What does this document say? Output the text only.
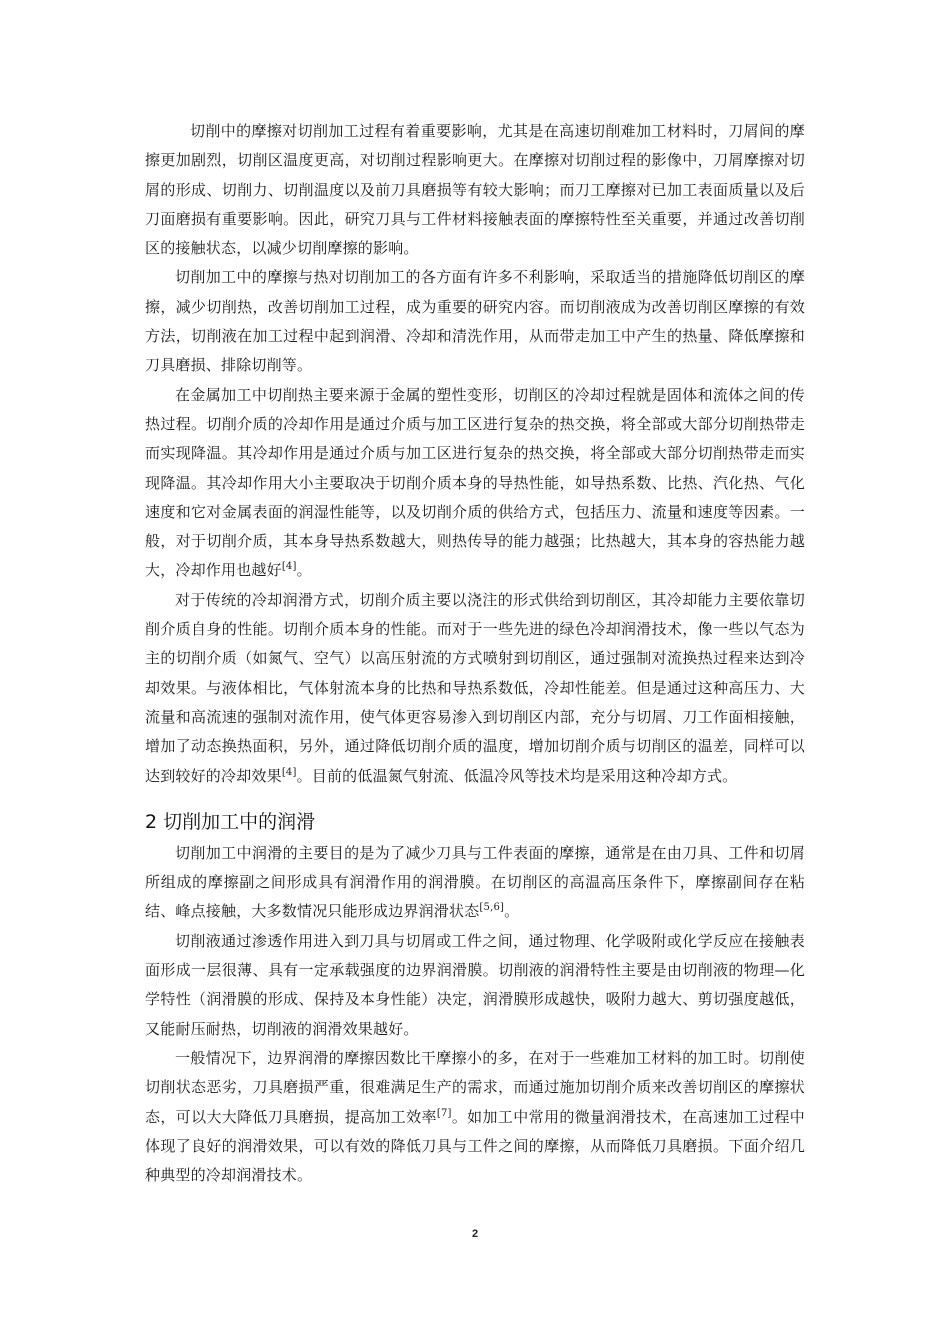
切削中的摩擦对切削加工过程有着重要影响，尤其是在高速切削难加工材料时，刀屑间的摩擦更加剧烈，切削区温度更高，对切削过程影响更大。在摩擦对切削过程的影像中，刀屑摩擦对切屑的形成、切削力、切削温度以及前刀具磨损等有较大影响；而刀工摩擦对已加工表面质量以及后刀面磨损有重要影响。因此，研究刀具与工件材料接触表面的摩擦特性至关重要，并通过改善切削区的接触状态，以减少切削摩擦的影响。

切削加工中的摩擦与热对切削加工的各方面有许多不利影响，采取适当的措施降低切削区的摩擦，减少切削热，改善切削加工过程，成为重要的研究内容。而切削液成为改善切削区摩擦的有效方法，切削液在加工过程中起到润滑、冷却和清洗作用，从而带走加工中产生的热量、降低摩擦和刀具磨损、排除切削等。

在金属加工中切削热主要来源于金属的塑性变形，切削区的冷却过程就是固体和流体之间的传热过程。切削介质的冷却作用是通过介质与加工区进行复杂的热交换，将全部或大部分切削热带走而实现降温。其冷却作用是通过介质与加工区进行复杂的热交换，将全部或大部分切削热带走而实现降温。其冷却作用大小主要取决于切削介质本身的导热性能，如导热系数、比热、汽化热、气化速度和它对金属表面的润湿性能等，以及切削介质的供给方式，包括压力、流量和速度等因素。一般，对于切削介质，其本身导热系数越大，则热传导的能力越强；比热越大，其本身的容热能力越大，冷却作用也越好[4]。

对于传统的冷却润滑方式，切削介质主要以浇注的形式供给到切削区，其冷却能力主要依靠切削介质自身的性能。切削介质本身的性能。而对于一些先进的绿色冷却润滑技术，像一些以气态为主的切削介质（如氮气、空气）以高压射流的方式喷射到切削区，通过强制对流换热过程来达到冷却效果。与液体相比，气体射流本身的比热和导热系数低，冷却性能差。但是通过这种高压力、大流量和高流速的强制对流作用，使气体更容易渗入到切削区内部，充分与切屑、刀工作面相接触，增加了动态换热面积，另外，通过降低切削介质的温度，增加切削介质与切削区的温差，同样可以达到较好的冷却效果[4]。目前的低温氮气射流、低温冷风等技术均是采用这种冷却方式。

2 切削加工中的润滑

切削加工中润滑的主要目的是为了减少刀具与工件表面的摩擦，通常是在由刀具、工件和切屑所组成的摩擦副之间形成具有润滑作用的润滑膜。在切削区的高温高压条件下，摩擦副间存在粘结、峰点接触，大多数情况只能形成边界润滑状态[5,6]。

切削液通过渗透作用进入到刀具与切屑或工件之间，通过物理、化学吸附或化学反应在接触表面形成一层很薄、具有一定承载强度的边界润滑膜。切削液的润滑特性主要是由切削液的物理—化学特性（润滑膜的形成、保持及本身性能）决定，润滑膜形成越快，吸附力越大、剪切强度越低，又能耐压耐热，切削液的润滑效果越好。

一般情况下，边界润滑的摩擦因数比干摩擦小的多，在对于一些难加工材料的加工时。切削使切削状态恶劣，刀具磨损严重，很难满足生产的需求，而通过施加切削介质来改善切削区的摩擦状态，可以大大降低刀具磨损，提高加工效率[7]。如加工中常用的微量润滑技术，在高速加工过程中体现了良好的润滑效果，可以有效的降低刀具与工件之间的摩擦，从而降低刀具磨损。下面介绍几种典型的冷却润滑技术。

2
